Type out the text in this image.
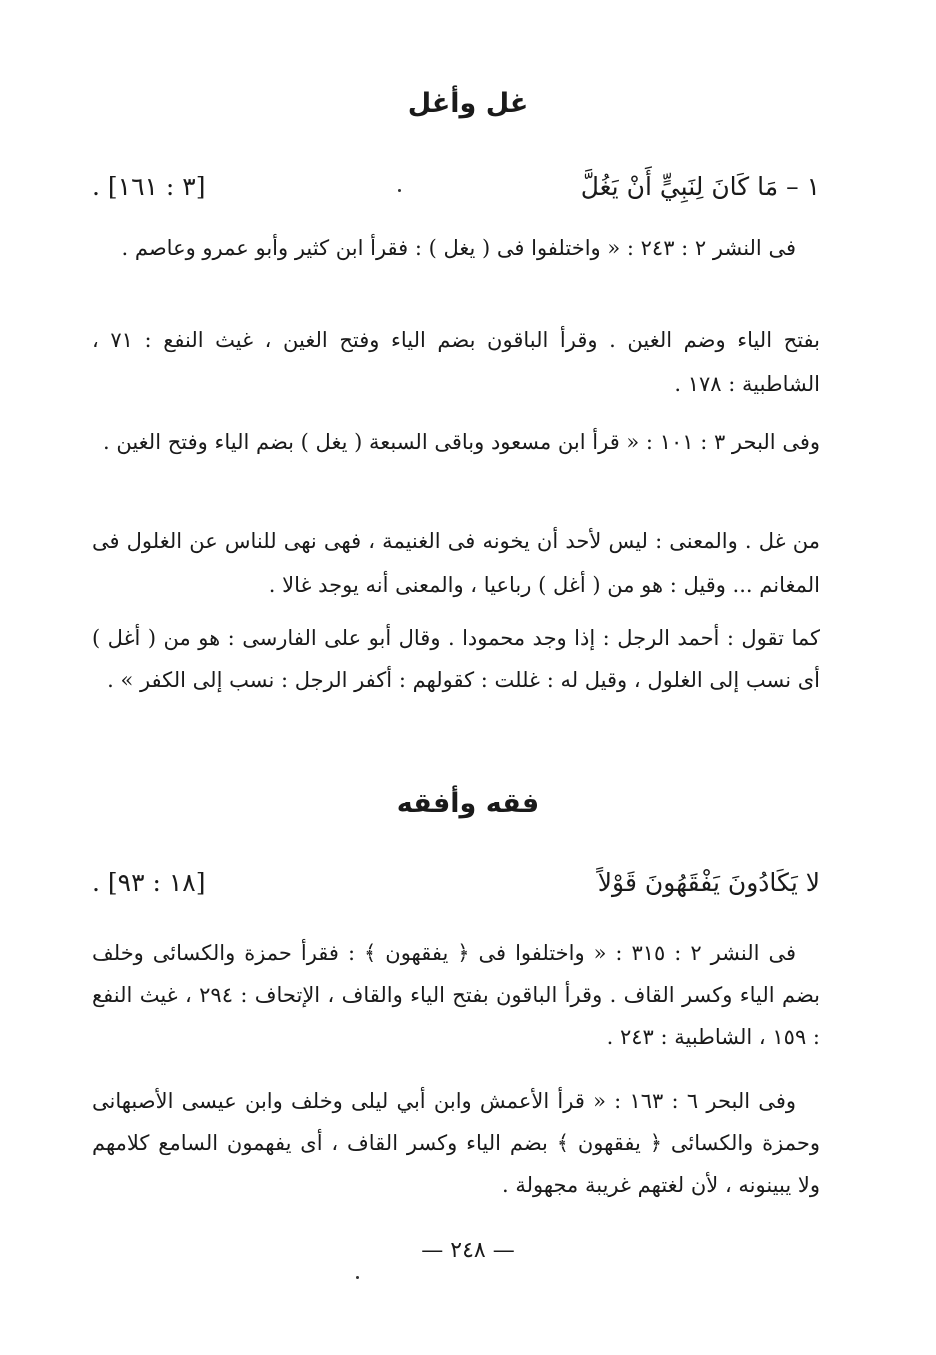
غل وأغل
١ – مَا كَانَ لِنَبِيٍّ أَنْ يَغُلَّ
[٣ : ١٦١] .
فى النشر ٢ : ٢٤٣ : « واختلفوا فى ( يغل ) : فقرأ ابن كثير وأبو عمرو وعاصم .
بفتح الياء وضم الغين . وقرأ الباقون بضم الياء وفتح الغين ، غيث النفع : ٧١ ، الشاطبية : ١٧٨ .
وفى البحر ٣ : ١٠١ : « قرأ ابن مسعود وباقى السبعة ( يغل ) بضم الياء وفتح الغين .
من غل . والمعنى : ليس لأحد أن يخونه فى الغنيمة ، فهى نهى للناس عن الغلول فى المغانم ... وقيل : هو من ( أغل ) رباعيا ، والمعنى أنه يوجد غالا .
كما تقول : أحمد الرجل : إذا وجد محمودا . وقال أبو على الفارسى : هو من ( أغل ) أى نسب إلى الغلول ، وقيل له : غللت : كقولهم : أكفر الرجل : نسب إلى الكفر » .
فقه وأفقه
لا يَكَادُونَ يَفْقَهُونَ قَوْلاً
[١٨ : ٩٣] .
فى النشر ٢ : ٣١٥ : « واختلفوا فى ﴿ يفقهون ﴾ : فقرأ حمزة والكسائى وخلف بضم الياء وكسر القاف . وقرأ الباقون بفتح الياء والقاف ، الإتحاف : ٢٩٤ ، غيث النفع : ١٥٩ ، الشاطبية : ٢٤٣ .
وفى البحر ٦ : ١٦٣ : « قرأ الأعمش وابن أبي ليلى وخلف وابن عيسى الأصبهانى وحمزة والكسائى ﴿ يفقهون ﴾ بضم الياء وكسر القاف ، أى يفهمون السامع كلامهم ولا يبينونه ، لأن لغتهم غريبة مجهولة .
— ٢٤٨ —
